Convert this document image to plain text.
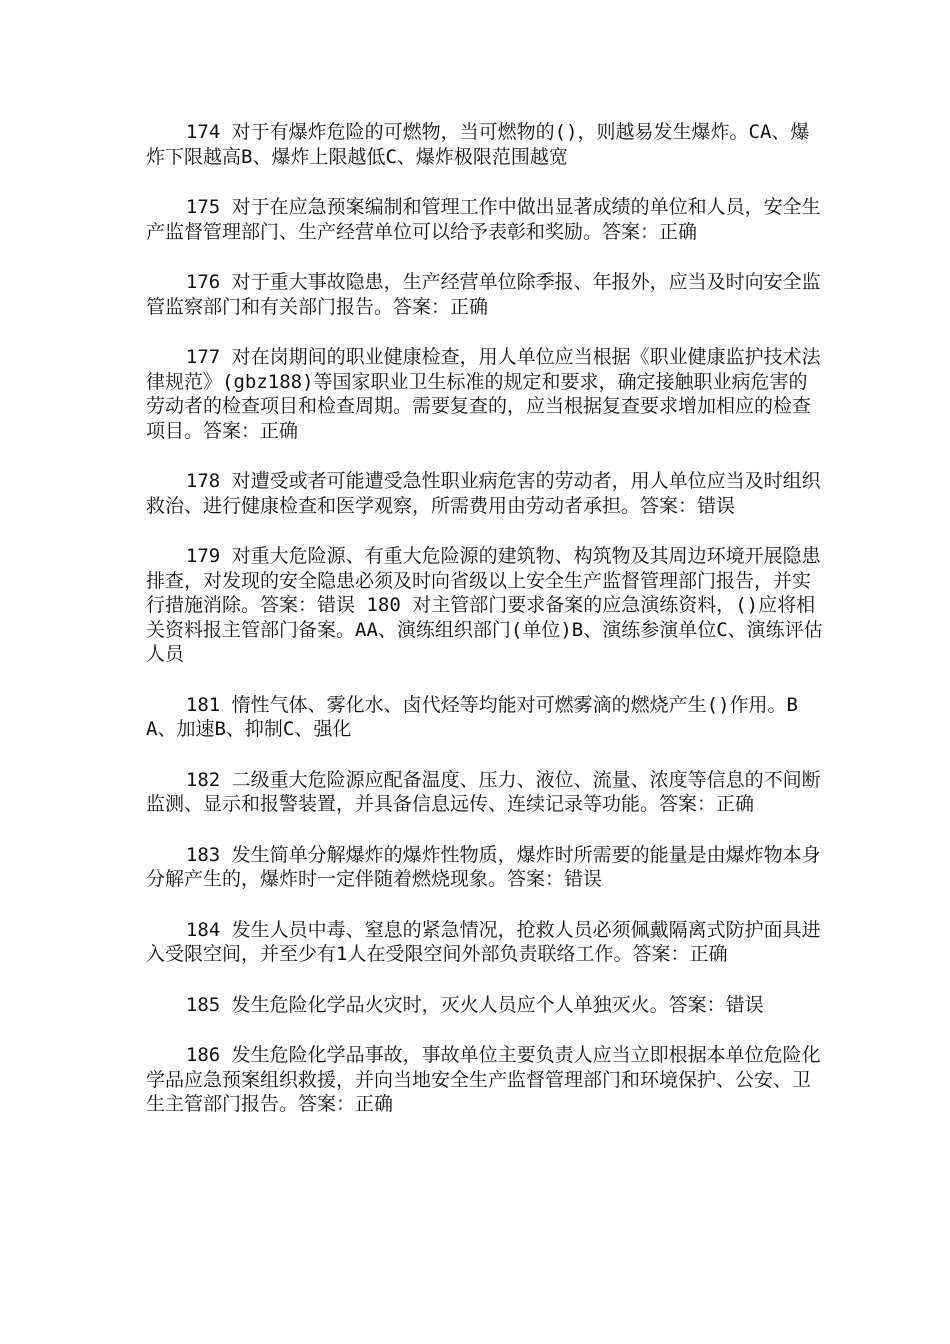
174 对于有爆炸危险的可燃物，当可燃物的()，则越易发生爆炸。CA、爆炸下限越高B、爆炸上限越低C、爆炸极限范围越宽

175 对于在应急预案编制和管理工作中做出显著成绩的单位和人员，安全生产监督管理部门、生产经营单位可以给予表彰和奖励。答案：正确

176 对于重大事故隐患，生产经营单位除季报、年报外，应当及时向安全监管监察部门和有关部门报告。答案：正确

177 对在岗期间的职业健康检查，用人单位应当根据《职业健康监护技术法律规范》(gbz188)等国家职业卫生标准的规定和要求，确定接触职业病危害的劳动者的检查项目和检查周期。需要复查的，应当根据复查要求增加相应的检查项目。答案：正确

178 对遭受或者可能遭受急性职业病危害的劳动者，用人单位应当及时组织救治、进行健康检查和医学观察，所需费用由劳动者承担。答案：错误

179 对重大危险源、有重大危险源的建筑物、构筑物及其周边环境开展隐患排查，对发现的安全隐患必须及时向省级以上安全生产监督管理部门报告，并实行措施消除。答案：错误 180 对主管部门要求备案的应急演练资料，()应将相关资料报主管部门备案。AA、演练组织部门(单位)B、演练参演单位C、演练评估人员

181 惰性气体、雾化水、卤代烃等均能对可燃雾滴的燃烧产生()作用。BA、加速B、抑制C、强化

182 二级重大危险源应配备温度、压力、液位、流量、浓度等信息的不间断监测、显示和报警装置，并具备信息远传、连续记录等功能。答案：正确

183 发生简单分解爆炸的爆炸性物质，爆炸时所需要的能量是由爆炸物本身分解产生的，爆炸时一定伴随着燃烧现象。答案：错误

184 发生人员中毒、窒息的紧急情况，抢救人员必须佩戴隔离式防护面具进入受限空间，并至少有1人在受限空间外部负责联络工作。答案：正确

185 发生危险化学品火灾时，灭火人员应个人单独灭火。答案：错误

186 发生危险化学品事故，事故单位主要负责人应当立即根据本单位危险化学品应急预案组织救援，并向当地安全生产监督管理部门和环境保护、公安、卫生主管部门报告。答案：正确
